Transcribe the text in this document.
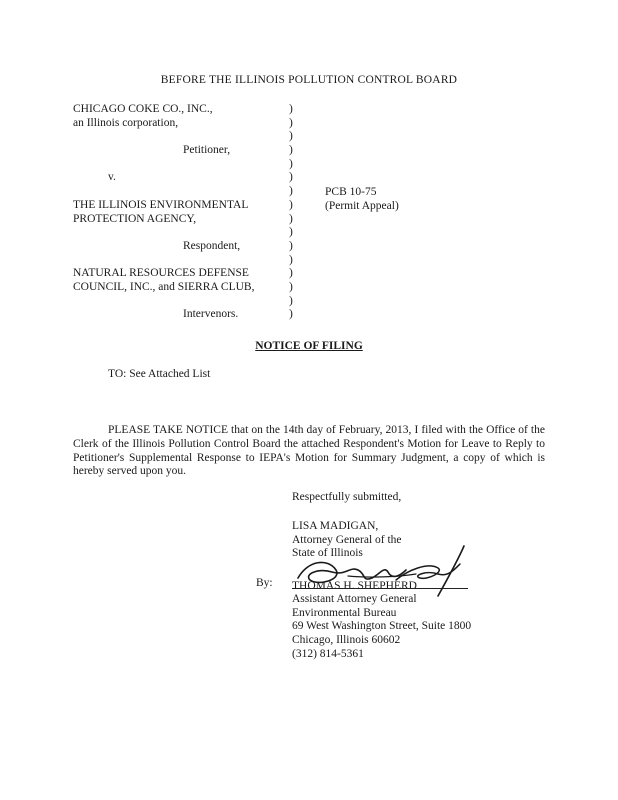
BEFORE THE ILLINOIS POLLUTION CONTROL BOARD
CHICAGO COKE CO., INC.,
an Illinois corporation,
Petitioner,
v.
THE ILLINOIS ENVIRONMENTAL
PROTECTION AGENCY,
Respondent,
NATURAL RESOURCES DEFENSE
COUNCIL, INC., and SIERRA CLUB,
Intervenors.
)
)
)
)
)
)
)
)
)
)
)
)
)
)
)
)
PCB 10-75
(Permit Appeal)
NOTICE OF FILING
TO: See Attached List

PLEASE TAKE NOTICE that on the 14th day of February, 2013, I filed with the Office of the Clerk of the Illinois Pollution Control Board the attached Respondent's Motion for Leave to Reply to Petitioner's Supplemental Response to IEPA's Motion for Summary Judgment, a copy of which is hereby served upon you.

Respectfully submitted,
LISA MADIGAN,
Attorney General of the
State of Illinois
THOMAS H. SHEPHERD
Assistant Attorney General
Environmental Bureau
69 West Washington Street, Suite 1800
Chicago, Illinois 60602
(312) 814-5361
By:
